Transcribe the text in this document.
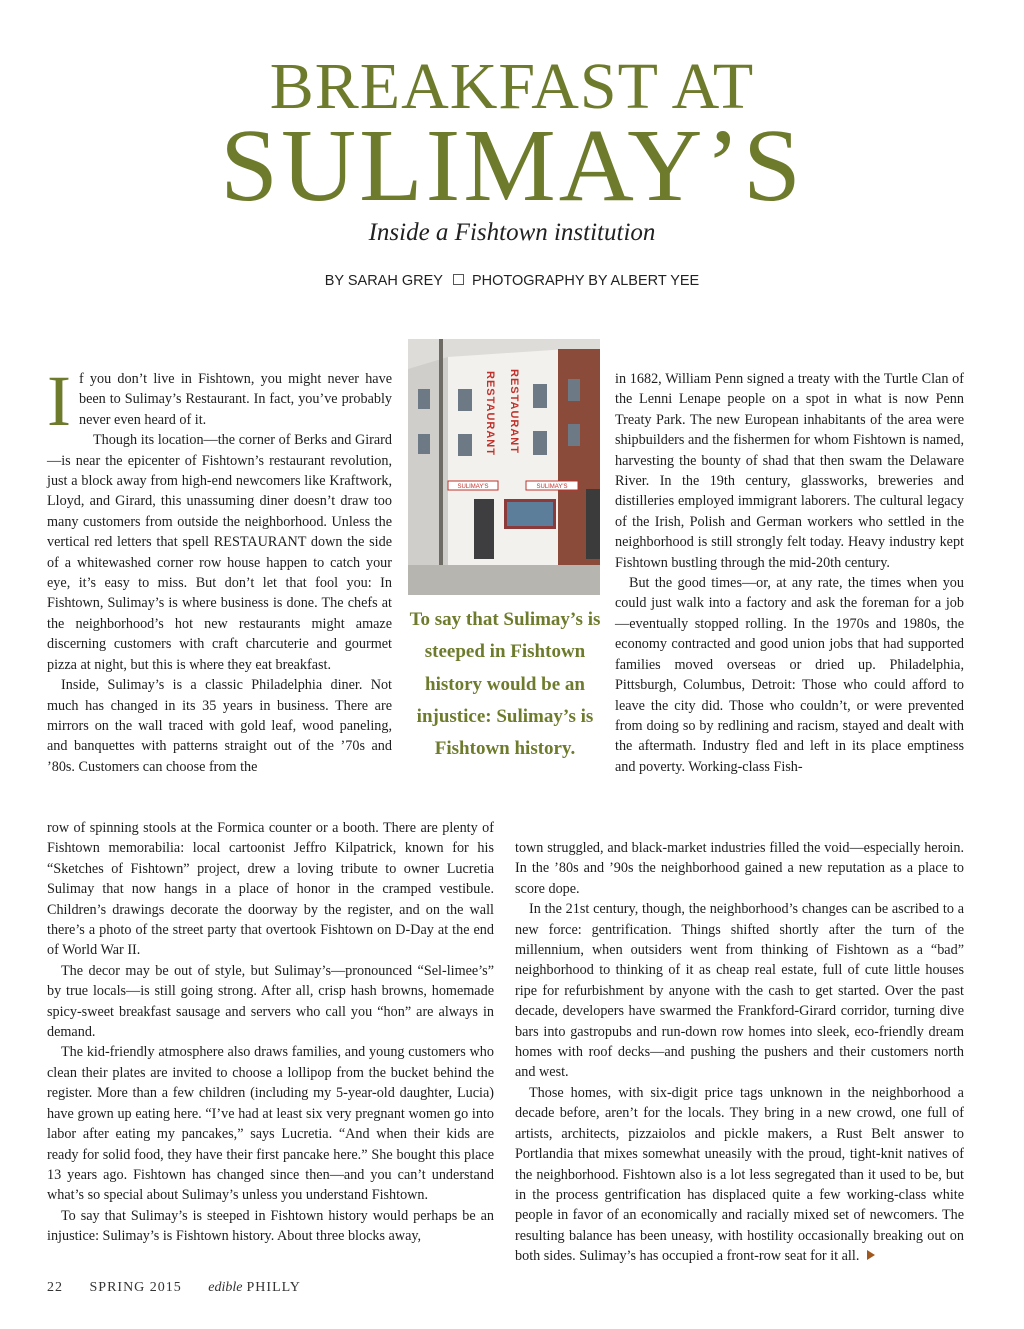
BREAKFAST AT
SULIMAY’S
Inside a Fishtown institution
BY SARAH GREY PHOTOGRAPHY BY ALBERT YEE

If you don’t live in Fishtown, you might never have been to Sulimay’s Restaurant. In fact, you’ve probably never even heard of it.

Though its location—the corner of Berks and Girard—is near the epicenter of Fishtown’s restaurant revolution, just a block away from high-end newcomers like Kraftwork, Lloyd, and Girard, this unassuming diner doesn’t draw too many customers from outside the neighborhood. Unless the vertical red letters that spell RESTAURANT down the side of a whitewashed corner row house happen to catch your eye, it’s easy to miss. But don’t let that fool you: In Fishtown, Sulimay’s is where business is done. The chefs at the neighborhood’s hot new restaurants might amaze discerning customers with craft charcuterie and gourmet pizza at night, but this is where they eat breakfast.

Inside, Sulimay’s is a classic Philadelphia diner. Not much has changed in its 35 years in business. There are mirrors on the wall traced with gold leaf, wood paneling, and banquettes with patterns straight out of the ’70s and ’80s. Customers can choose from the

RESTAURANT RESTAURANT
SULIMAY'S	SULIMAY'S
To say that Sulimay’s is steeped in Fishtown history would be an injustice: Sulimay’s is Fishtown history.

in 1682, William Penn signed a treaty with the Turtle Clan of the Lenni Lenape people on a spot in what is now Penn Treaty Park. The new European inhabitants of the area were shipbuilders and the fishermen for whom Fishtown is named, harvesting the bounty of shad that then swam the Delaware River. In the 19th century, glassworks, breweries and distilleries employed immigrant laborers. The cultural legacy of the Irish, Polish and German workers who settled in the neighborhood is still strongly felt today. Heavy industry kept Fishtown bustling through the mid-20th century.

But the good times—or, at any rate, the times when you could just walk into a factory and ask the foreman for a job—eventually stopped rolling. In the 1970s and 1980s, the economy contracted and good union jobs that had supported families moved overseas or dried up. Philadelphia, Pittsburgh, Columbus, Detroit: Those who could afford to leave the city did. Those who couldn’t, or were prevented from doing so by redlining and racism, stayed and dealt with the aftermath. Industry fled and left in its place emptiness and poverty. Working-class Fish-

row of spinning stools at the Formica counter or a booth. There are plenty of Fishtown memorabilia: local cartoonist Jeffro Kilpatrick, known for his “Sketches of Fishtown” project, drew a loving tribute to owner Lucretia Sulimay that now hangs in a place of honor in the cramped vestibule. Children’s drawings decorate the doorway by the register, and on the wall there’s a photo of the street party that overtook Fishtown on D-Day at the end of World War II.

The decor may be out of style, but Sulimay’s—pronounced “Sel-limee’s” by true locals—is still going strong. After all, crisp hash browns, homemade spicy-sweet breakfast sausage and servers who call you “hon” are always in demand.

The kid-friendly atmosphere also draws families, and young customers who clean their plates are invited to choose a lollipop from the bucket behind the register. More than a few children (including my 5-year-old daughter, Lucia) have grown up eating here. “I’ve had at least six very pregnant women go into labor after eating my pancakes,” says Lucretia. “And when their kids are ready for solid food, they have their first pancake here.” She bought this place 13 years ago. Fishtown has changed since then—and you can’t understand what’s so special about Sulimay’s unless you understand Fishtown.

To say that Sulimay’s is steeped in Fishtown history would perhaps be an injustice: Sulimay’s is Fishtown history. About three blocks away,

town struggled, and black-market industries filled the void—especially heroin. In the ’80s and ’90s the neighborhood gained a new reputation as a place to score dope.

In the 21st century, though, the neighborhood’s changes can be ascribed to a new force: gentrification. Things shifted shortly after the turn of the millennium, when outsiders went from thinking of Fishtown as a “bad” neighborhood to thinking of it as cheap real estate, full of cute little houses ripe for refurbishment by anyone with the cash to get started. Over the past decade, developers have swarmed the Frankford-Girard corridor, turning dive bars into gastropubs and run-down row homes into sleek, eco-friendly dream homes with roof decks—and pushing the pushers and their customers north and west.

Those homes, with six-digit price tags unknown in the neighborhood a decade before, aren’t for the locals. They bring in a new crowd, one full of artists, architects, pizzaiolos and pickle makers, a Rust Belt answer to Portlandia that mixes somewhat uneasily with the proud, tight-knit natives of the neighborhood. Fishtown also is a lot less segregated than it used to be, but in the process gentrification has displaced quite a few working-class white people in favor of an economically and racially mixed set of newcomers. The resulting balance has been uneasy, with hostility occasionally breaking out on both sides. Sulimay’s has occupied a front-row seat for it all.

22 SPRING 2015 edible PHILLY
